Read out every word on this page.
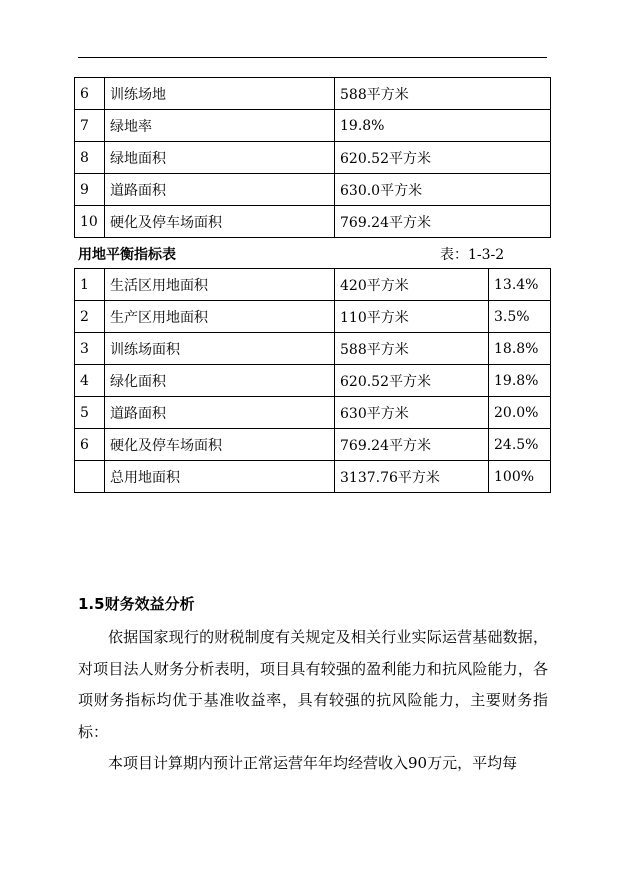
6	训练场地	588平方米
7	绿地率	19.8%
8	绿地面积	620.52平方米
9	道路面积	630.0平方米
10	硬化及停车场面积	769.24平方米
用地平衡指标表	表：1-3-2
1	生活区用地面积	420平方米	13.4%
2	生产区用地面积	110平方米	3.5%
3	训练场面积	588平方米	18.8%
4	绿化面积	620.52平方米	19.8%
5	道路面积	630平方米	20.0%
6	硬化及停车场面积	769.24平方米	24.5%
	总用地面积	3137.76平方米	100%
1.5财务效益分析

依据国家现行的财税制度有关规定及相关行业实际运营基础数据，对项目法人财务分析表明，项目具有较强的盈利能力和抗风险能力，各项财务指标均优于基准收益率，具有较强的抗风险能力，主要财务指标：

本项目计算期内预计正常运营年年均经营收入90万元，平均每
